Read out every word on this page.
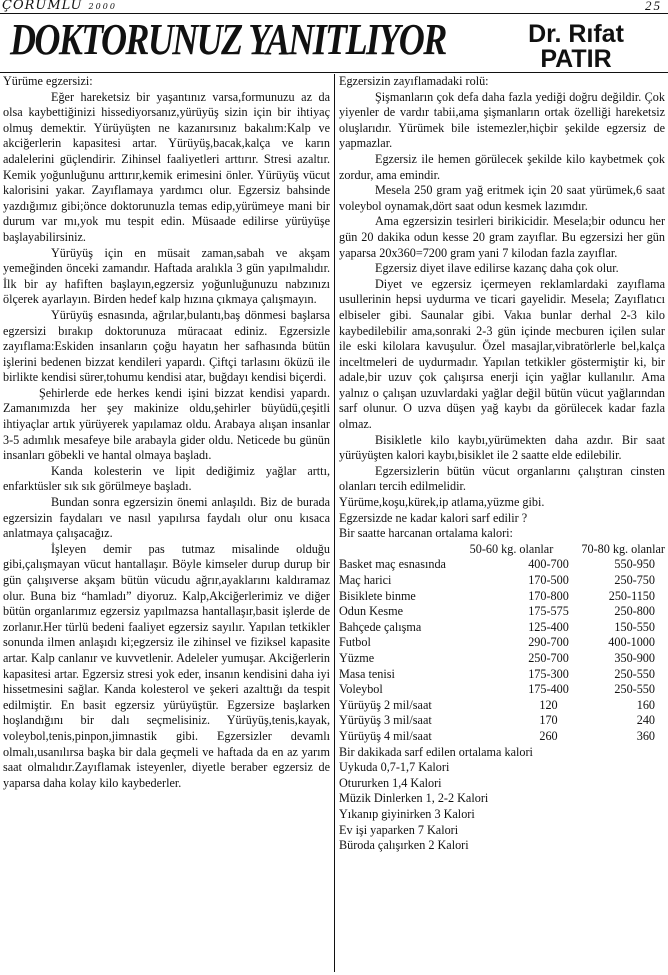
ÇORUMLU 2000	25
DOKTORUNUZ YANITLIYOR	Dr. Rıfat
PATIR

Yürüme egzersizi:

Eğer hareketsiz bir yaşantınız varsa,formunuzu az da olsa kaybettiğinizi hissediyorsanız,yürüyüş sizin için bir ihtiyaç olmuş demektir. Yürüyüşten ne kazanırsınız bakalım:Kalp ve akciğerlerin kapasitesi artar. Yürüyüş,bacak,kalça ve karın adalelerini güçlendirir. Zihinsel faaliyetleri arttırır. Stresi azaltır. Kemik yoğunluğunu arttırır,kemik erimesini önler. Yürüyüş vücut kalorisini yakar. Zayıflamaya yardımcı olur. Egzersiz bahsinde yazdığımız gibi;önce doktorunuzla temas edip,yürümeye mani bir durum var mı,yok mu tespit edin. Müsaade edilirse yürüyüşe başlayabilirsiniz.

Yürüyüş için en müsait zaman,sabah ve akşam yemeğinden önceki zamandır. Haftada aralıkla 3 gün yapılmalıdır. İlk bir ay hafiften başlayın,egzersiz yoğunluğunuzu nabzınızı ölçerek ayarlayın. Birden hedef kalp hızına çıkmaya çalışmayın.

Yürüyüş esnasında, ağrılar,bulantı,baş dönmesi başlarsa egzersizi bırakıp doktorunuza müracaat ediniz. Egzersizle zayıflama:Eskiden insanların çoğu hayatın her safhasında bütün işlerini bedenen bizzat kendileri yapardı. Çiftçi tarlasını öküzü ile birlikte kendisi sürer,tohumu kendisi atar, buğdayı kendisi biçerdi.

Şehirlerde ede herkes kendi işini bizzat kendisi yapardı. Zamanımızda her şey makinize oldu,şehirler büyüdü,çeşitli ihtiyaçlar artık yürüyerek yapılamaz oldu. Arabaya alışan insanlar 3-5 adımlık mesafeye bile arabayla gider oldu. Neticede bu günün insanları göbekli ve hantal olmaya başladı.

Kanda kolesterin ve lipit dediğimiz yağlar arttı, enfarktüsler sık sık görülmeye başladı.

Bundan sonra egzersizin önemi anlaşıldı. Biz de burada egzersizin faydaları ve nasıl yapılırsa faydalı olur onu kısaca anlatmaya çalışacağız.

İşleyen demir pas tutmaz misalinde olduğu gibi,çalışmayan vücut hantallaşır. Böyle kimseler durup durup bir gün çalışıverse akşam bütün vücudu ağrır,ayaklarını kaldıramaz olur. Buna biz “hamladı” diyoruz. Kalp,Akciğerlerimiz ve diğer bütün organlarımız egzersiz yapılmazsa hantallaşır,basit işlerde de zorlanır.Her türlü bedeni faaliyet egzersiz sayılır. Yapılan tetkikler sonunda ilmen anlaşıdı ki;egzersiz ile zihinsel ve fiziksel kapasite artar. Kalp canlanır ve kuvvetlenir. Adeleler yumuşar. Akciğerlerin kapasitesi artar. Egzersiz stresi yok eder, insanın kendisini daha iyi hissetmesini sağlar. Kanda kolesterol ve şekeri azalttığı da tespit edilmiştir. En basit egzersiz yürüyüştür. Egzersize başlarken hoşlandığını bir dalı seçmelisiniz. Yürüyüş,tenis,kayak, voleybol,tenis,pinpon,jimnastik gibi. Egzersizler devamlı olmalı,usanılırsa başka bir dala geçmeli ve haftada da en az yarım saat olmalıdır.Zayıflamak isteyenler, diyetle beraber egzersiz de yaparsa daha kolay kilo kaybederler.

Egzersizin zayıflamadaki rolü:

Şişmanların çok defa daha fazla yediği doğru değildir. Çok yiyenler de vardır tabii,ama şişmanların ortak özelliği hareketsiz oluşlarıdır. Yürümek bile istemezler,hiçbir şekilde egzersiz de yapmazlar.

Egzersiz ile hemen görülecek şekilde kilo kaybetmek çok zordur, ama emindir.

Mesela 250 gram yağ eritmek için 20 saat yürümek,6 saat voleybol oynamak,dört saat odun kesmek lazımdır.

Ama egzersizin tesirleri birikicidir. Mesela;bir oduncu her gün 20 dakika odun kesse 20 gram zayıflar. Bu egzersizi her gün yaparsa 20x360=7200 gram yani 7 kilodan fazla zayıflar.

Egzersiz diyet ilave edilirse kazanç daha çok olur.

Diyet ve egzersiz içermeyen reklamlardaki zayıflama usullerinin hepsi uydurma ve ticari gayelidir. Mesela; Zayıflatıcı elbiseler gibi. Saunalar gibi. Vakıa bunlar derhal 2-3 kilo kaybedilebilir ama,sonraki 2-3 gün içinde mecburen içilen sular ile eski kilolara kavuşulur. Özel masajlar,vibratörlerle bel,kalça inceltmeleri de uydurmadır. Yapılan tetkikler göstermiştir ki, bir adale,bir uzuv çok çalışırsa enerji için yağlar kullanılır. Ama yalnız o çalışan uzuvlardaki yağlar değil bütün vücut yağlarından sarf olunur. O uzva düşen yağ kaybı da görülecek kadar fazla olmaz.

Bisikletle kilo kaybı,yürümekten daha azdır. Bir saat yürüyüşten kalori kaybı,bisiklet ile 2 saatte elde edilebilir.

Egzersizlerin bütün vücut organlarını çalıştıran cinsten olanları tercih edilmelidir.

Yürüme,koşu,kürek,ip atlama,yüzme gibi.

Egzersizde ne kadar kalori sarf edilir ?

Bir saatte harcanan ortalama kalori:

	50-60 kg. olanlar	70-80 kg. olanlar
Basket maç esnasında	400-700	550-950
Maç harici	170-500	250-750
Bisiklete binme	170-800	250-1150
Odun Kesme	175-575	250-800
Bahçede çalışma	125-400	150-550
Futbol	290-700	400-1000
Yüzme	250-700	350-900
Masa tenisi	175-300	250-550
Voleybol	175-400	250-550
Yürüyüş 2 mil/saat	120	160
Yürüyüş 3 mil/saat	170	240
Yürüyüş 4 mil/saat	260	360

Bir dakikada sarf edilen ortalama kalori

Uykuda 0,7-1,7 Kalori
Otururken 1,4 Kalori
Müzik Dinlerken 1, 2-2 Kalori
Yıkanıp giyinirken 3 Kalori
Ev işi yaparken 7 Kalori
Büroda çalışırken 2 Kalori
